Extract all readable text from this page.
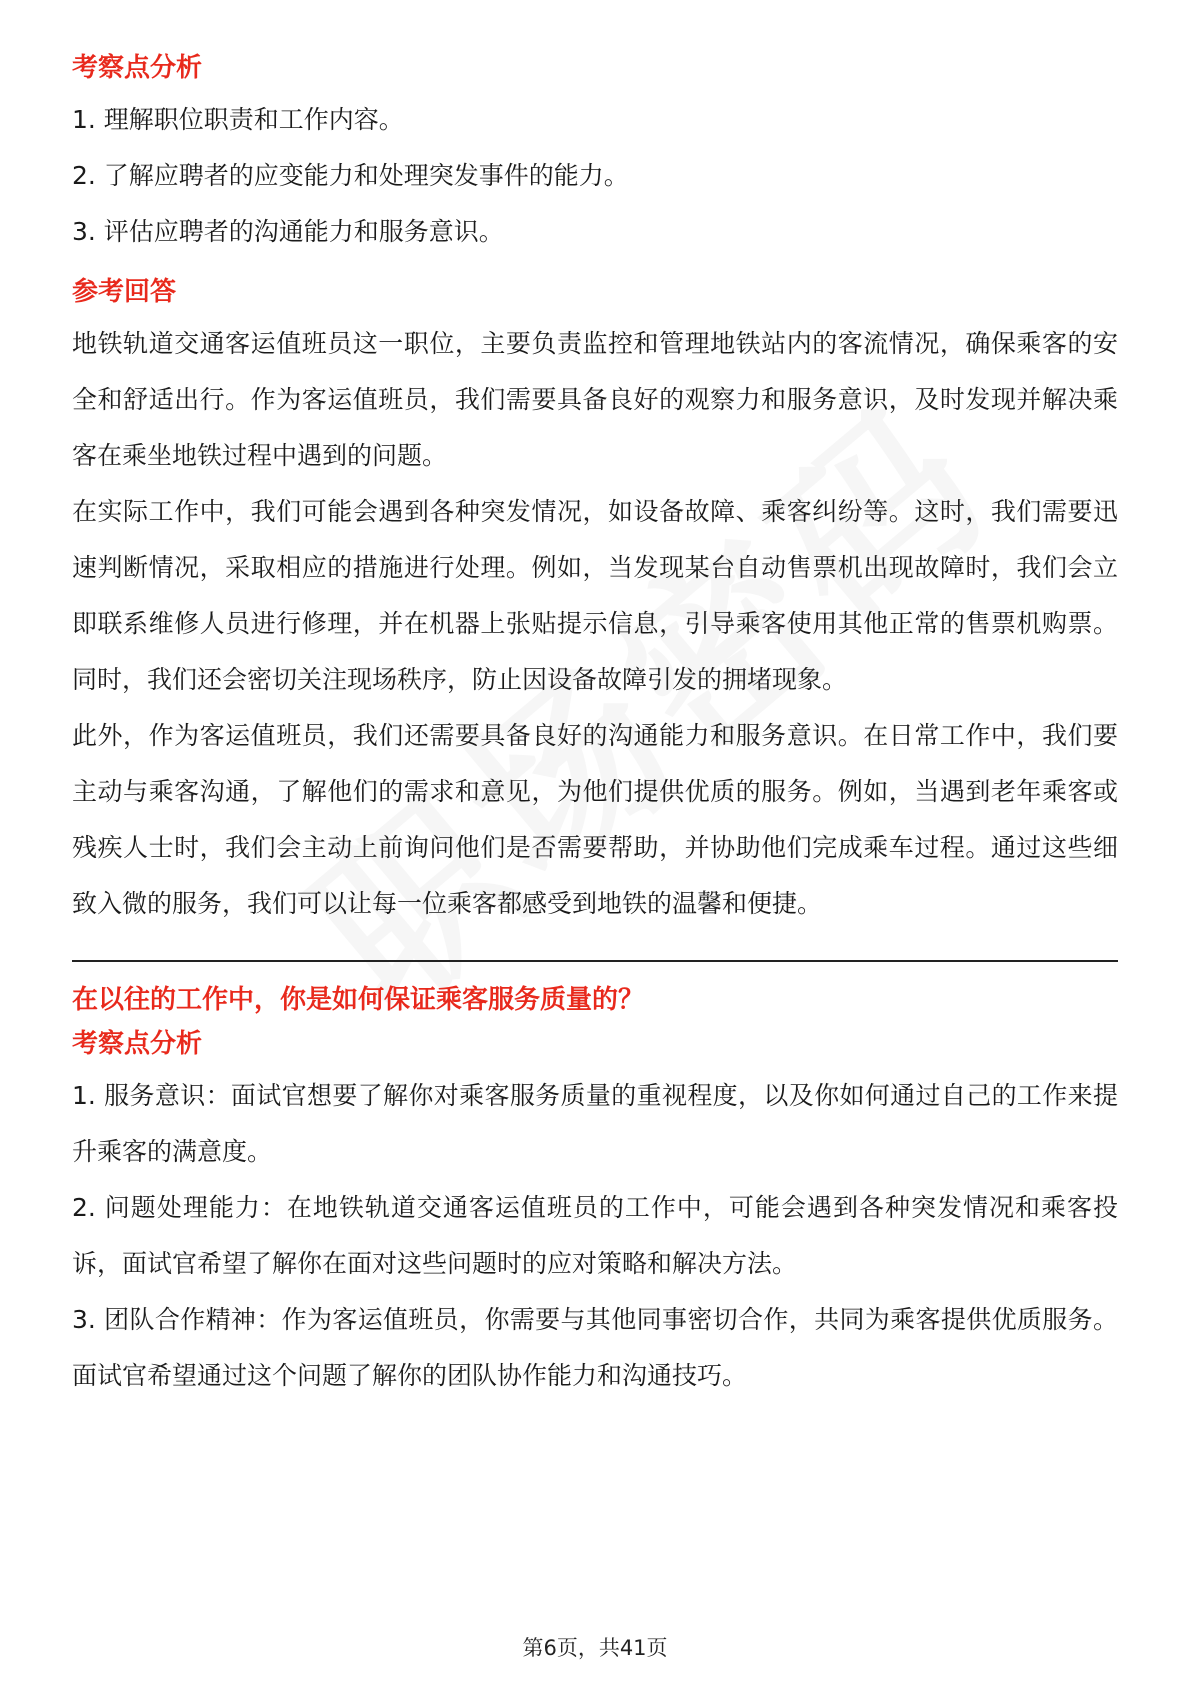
考察点分析

1. 理解职位职责和工作内容。

2. 了解应聘者的应变能力和处理突发事件的能力。

3. 评估应聘者的沟通能力和服务意识。

参考回答

地铁轨道交通客运值班员这一职位，主要负责监控和管理地铁站内的客流情况，确保乘客的安全和舒适出行。作为客运值班员，我们需要具备良好的观察力和服务意识，及时发现并解决乘客在乘坐地铁过程中遇到的问题。

在实际工作中，我们可能会遇到各种突发情况，如设备故障、乘客纠纷等。这时，我们需要迅速判断情况，采取相应的措施进行处理。例如，当发现某台自动售票机出现故障时，我们会立即联系维修人员进行修理，并在机器上张贴提示信息，引导乘客使用其他正常的售票机购票。同时，我们还会密切关注现场秩序，防止因设备故障引发的拥堵现象。

此外，作为客运值班员，我们还需要具备良好的沟通能力和服务意识。在日常工作中，我们要主动与乘客沟通，了解他们的需求和意见，为他们提供优质的服务。例如，当遇到老年乘客或残疾人士时，我们会主动上前询问他们是否需要帮助，并协助他们完成乘车过程。通过这些细致入微的服务，我们可以让每一位乘客都感受到地铁的温馨和便捷。

在以往的工作中，你是如何保证乘客服务质量的？
考察点分析

1. 服务意识：面试官想要了解你对乘客服务质量的重视程度，以及你如何通过自己的工作来提升乘客的满意度。

2. 问题处理能力：在地铁轨道交通客运值班员的工作中，可能会遇到各种突发情况和乘客投诉，面试官希望了解你在面对这些问题时的应对策略和解决方法。

3. 团队合作精神：作为客运值班员，你需要与其他同事密切合作，共同为乘客提供优质服务。面试官希望通过这个问题了解你的团队协作能力和沟通技巧。

第6页，共41页
